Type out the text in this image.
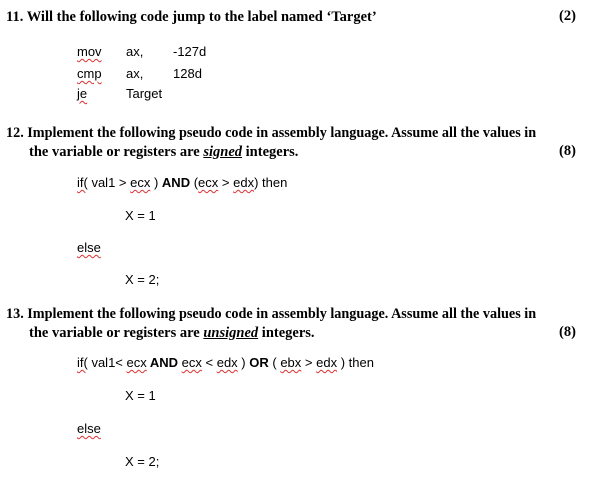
11. Will the following code jump to the label named ‘Target’	(2)
mov ax, -127d
cmp ax, 128d
je	Target
12. Implement the following pseudo code in assembly language. Assume all the values in
the variable or registers are signed integers.	(8)
if( val1 > ecx ) AND (ecx > edx) then
X = 1
else
X = 2;
13. Implement the following pseudo code in assembly language. Assume all the values in
the variable or registers are unsigned integers.	(8)
if( val1< ecx AND ecx < edx ) OR ( ebx > edx ) then
X = 1
else
X = 2;
